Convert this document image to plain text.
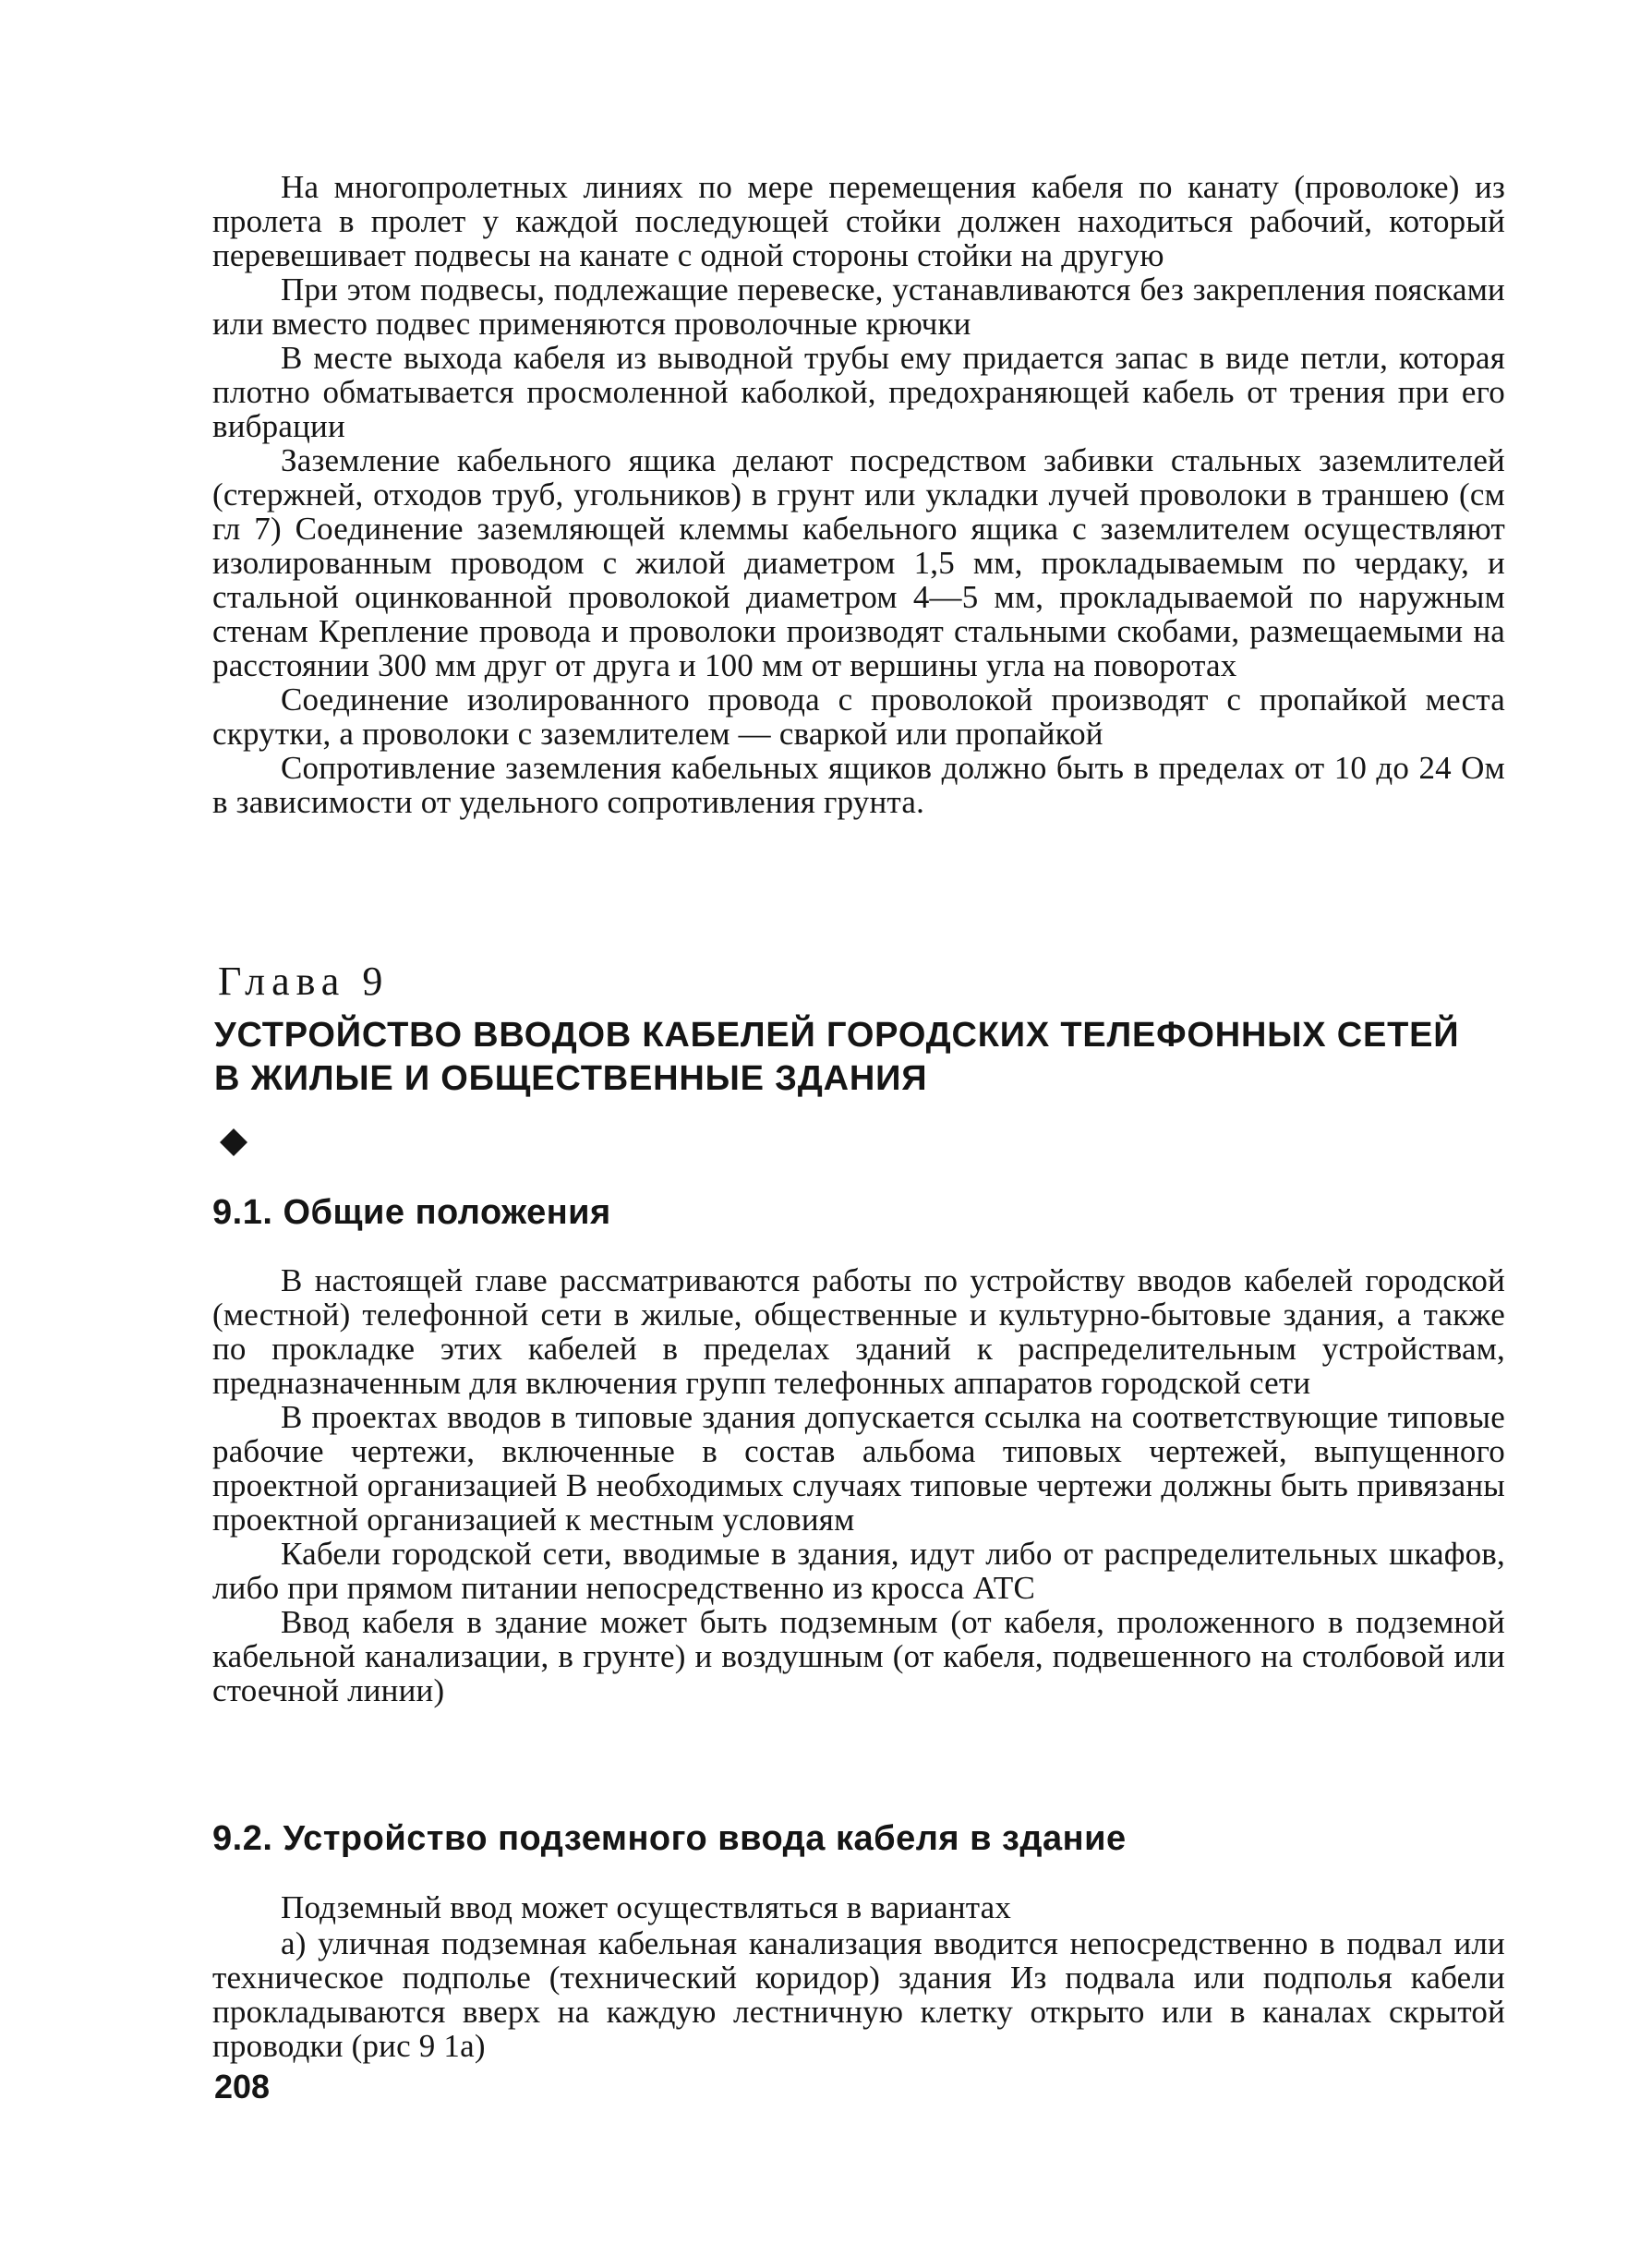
На многопролетных линиях по мере перемещения кабеля по канату (проволоке) из пролета в пролет у каждой последующей стойки должен находиться рабочий, который перевешивает подвесы на канате с одной стороны стойки на другую

При этом подвесы, подлежащие перевеске, устанавливаются без закрепления поясками или вместо подвес применяются проволочные крючки

В месте выхода кабеля из выводной трубы ему придается запас в виде петли, которая плотно обматывается просмоленной каболкой, предохраняющей кабель от трения при его вибрации

Заземление кабельного ящика делают посредством забивки стальных заземлителей (стержней, отходов труб, угольников) в грунт или укладки лучей проволоки в траншею (см гл 7) Соединение заземляющей клеммы кабельного ящика с заземлителем осуществляют изолированным проводом с жилой диаметром 1,5 мм, прокладываемым по чердаку, и стальной оцинкованной проволокой диаметром 4—5 мм, прокладываемой по наружным стенам Крепление провода и проволоки производят стальными скобами, размещаемыми на расстоянии 300 мм друг от друга и 100 мм от вершины угла на поворотах

Соединение изолированного провода с проволокой производят с пропайкой места скрутки, а проволоки с заземлителем — сваркой или пропайкой

Сопротивление заземления кабельных ящиков должно быть в пределах от 10 до 24 Ом в зависимости от удельного сопротивления грунта.

Глава 9
УСТРОЙСТВО ВВОДОВ КАБЕЛЕЙ ГОРОДСКИХ ТЕЛЕФОННЫХ СЕТЕЙ
В ЖИЛЫЕ И ОБЩЕСТВЕННЫЕ ЗДАНИЯ
9.1. Общие положения

В настоящей главе рассматриваются работы по устройству вводов кабелей городской (местной) телефонной сети в жилые, общественные и культурно-бытовые здания, а также по прокладке этих кабелей в пределах зданий к распределительным устройствам, предназначенным для включения групп телефонных аппаратов городской сети

В проектах вводов в типовые здания допускается ссылка на соответствующие типовые рабочие чертежи, включенные в состав альбома типовых чертежей, выпущенного проектной организацией В необходимых случаях типовые чертежи должны быть привязаны проектной организацией к местным условиям

Кабели городской сети, вводимые в здания, идут либо от распределительных шкафов, либо при прямом питании непосредственно из кросса АТС

Ввод кабеля в здание может быть подземным (от кабеля, проложенного в подземной кабельной канализации, в грунте) и воздушным (от кабеля, подвешенного на столбовой или стоечной линии)

9.2. Устройство подземного ввода кабеля в здание

Подземный ввод может осуществляться в вариантах

а) уличная подземная кабельная канализация вводится непосредственно в подвал или техническое подполье (технический коридор) здания Из подвала или подполья кабели прокладываются вверх на каждую лестничную клетку открыто или в каналах скрытой проводки (рис 9 1а)

208
